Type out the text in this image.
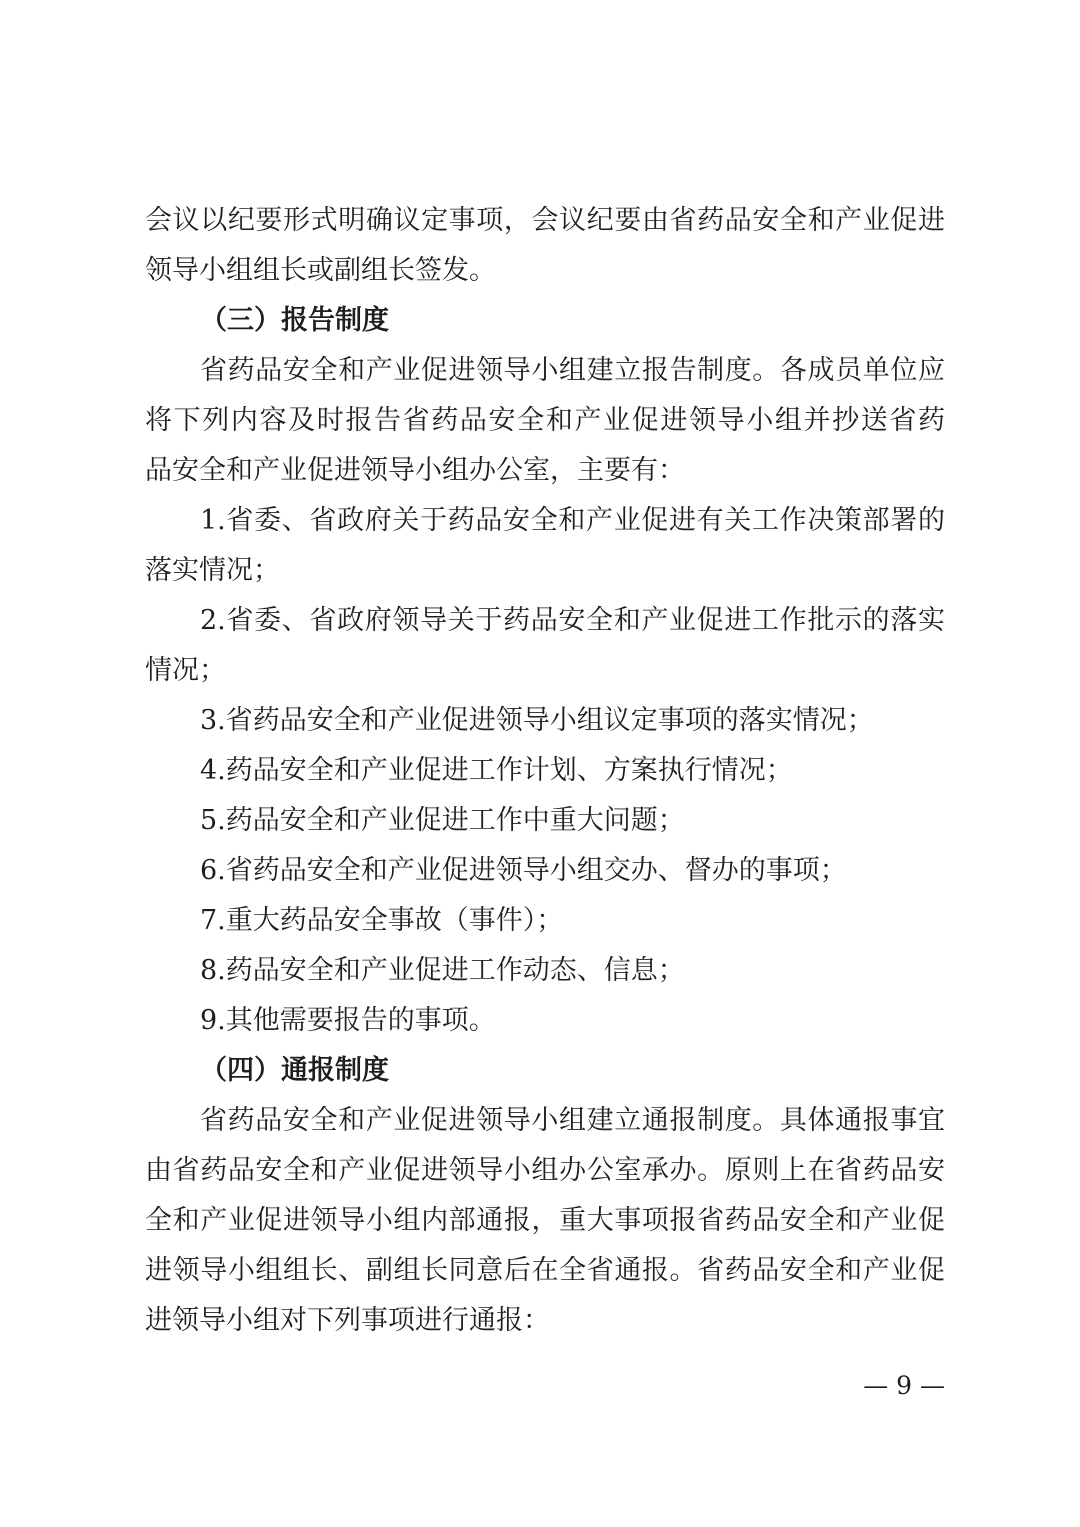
会议以纪要形式明确议定事项，会议纪要由省药品安全和产业促进
领导小组组长或副组长签发。
（三）报告制度
省药品安全和产业促进领导小组建立报告制度。各成员单位应
将下列内容及时报告省药品安全和产业促进领导小组并抄送省药
品安全和产业促进领导小组办公室，主要有：
1.省委、省政府关于药品安全和产业促进有关工作决策部署的
落实情况；
2.省委、省政府领导关于药品安全和产业促进工作批示的落实
情况；
3.省药品安全和产业促进领导小组议定事项的落实情况；
4.药品安全和产业促进工作计划、方案执行情况；
5.药品安全和产业促进工作中重大问题；
6.省药品安全和产业促进领导小组交办、督办的事项；
7.重大药品安全事故（事件）；
8.药品安全和产业促进工作动态、信息；
9.其他需要报告的事项。
（四）通报制度
省药品安全和产业促进领导小组建立通报制度。具体通报事宜
由省药品安全和产业促进领导小组办公室承办。原则上在省药品安
全和产业促进领导小组内部通报，重大事项报省药品安全和产业促
进领导小组组长、副组长同意后在全省通报。省药品安全和产业促
进领导小组对下列事项进行通报：
— 9 —
